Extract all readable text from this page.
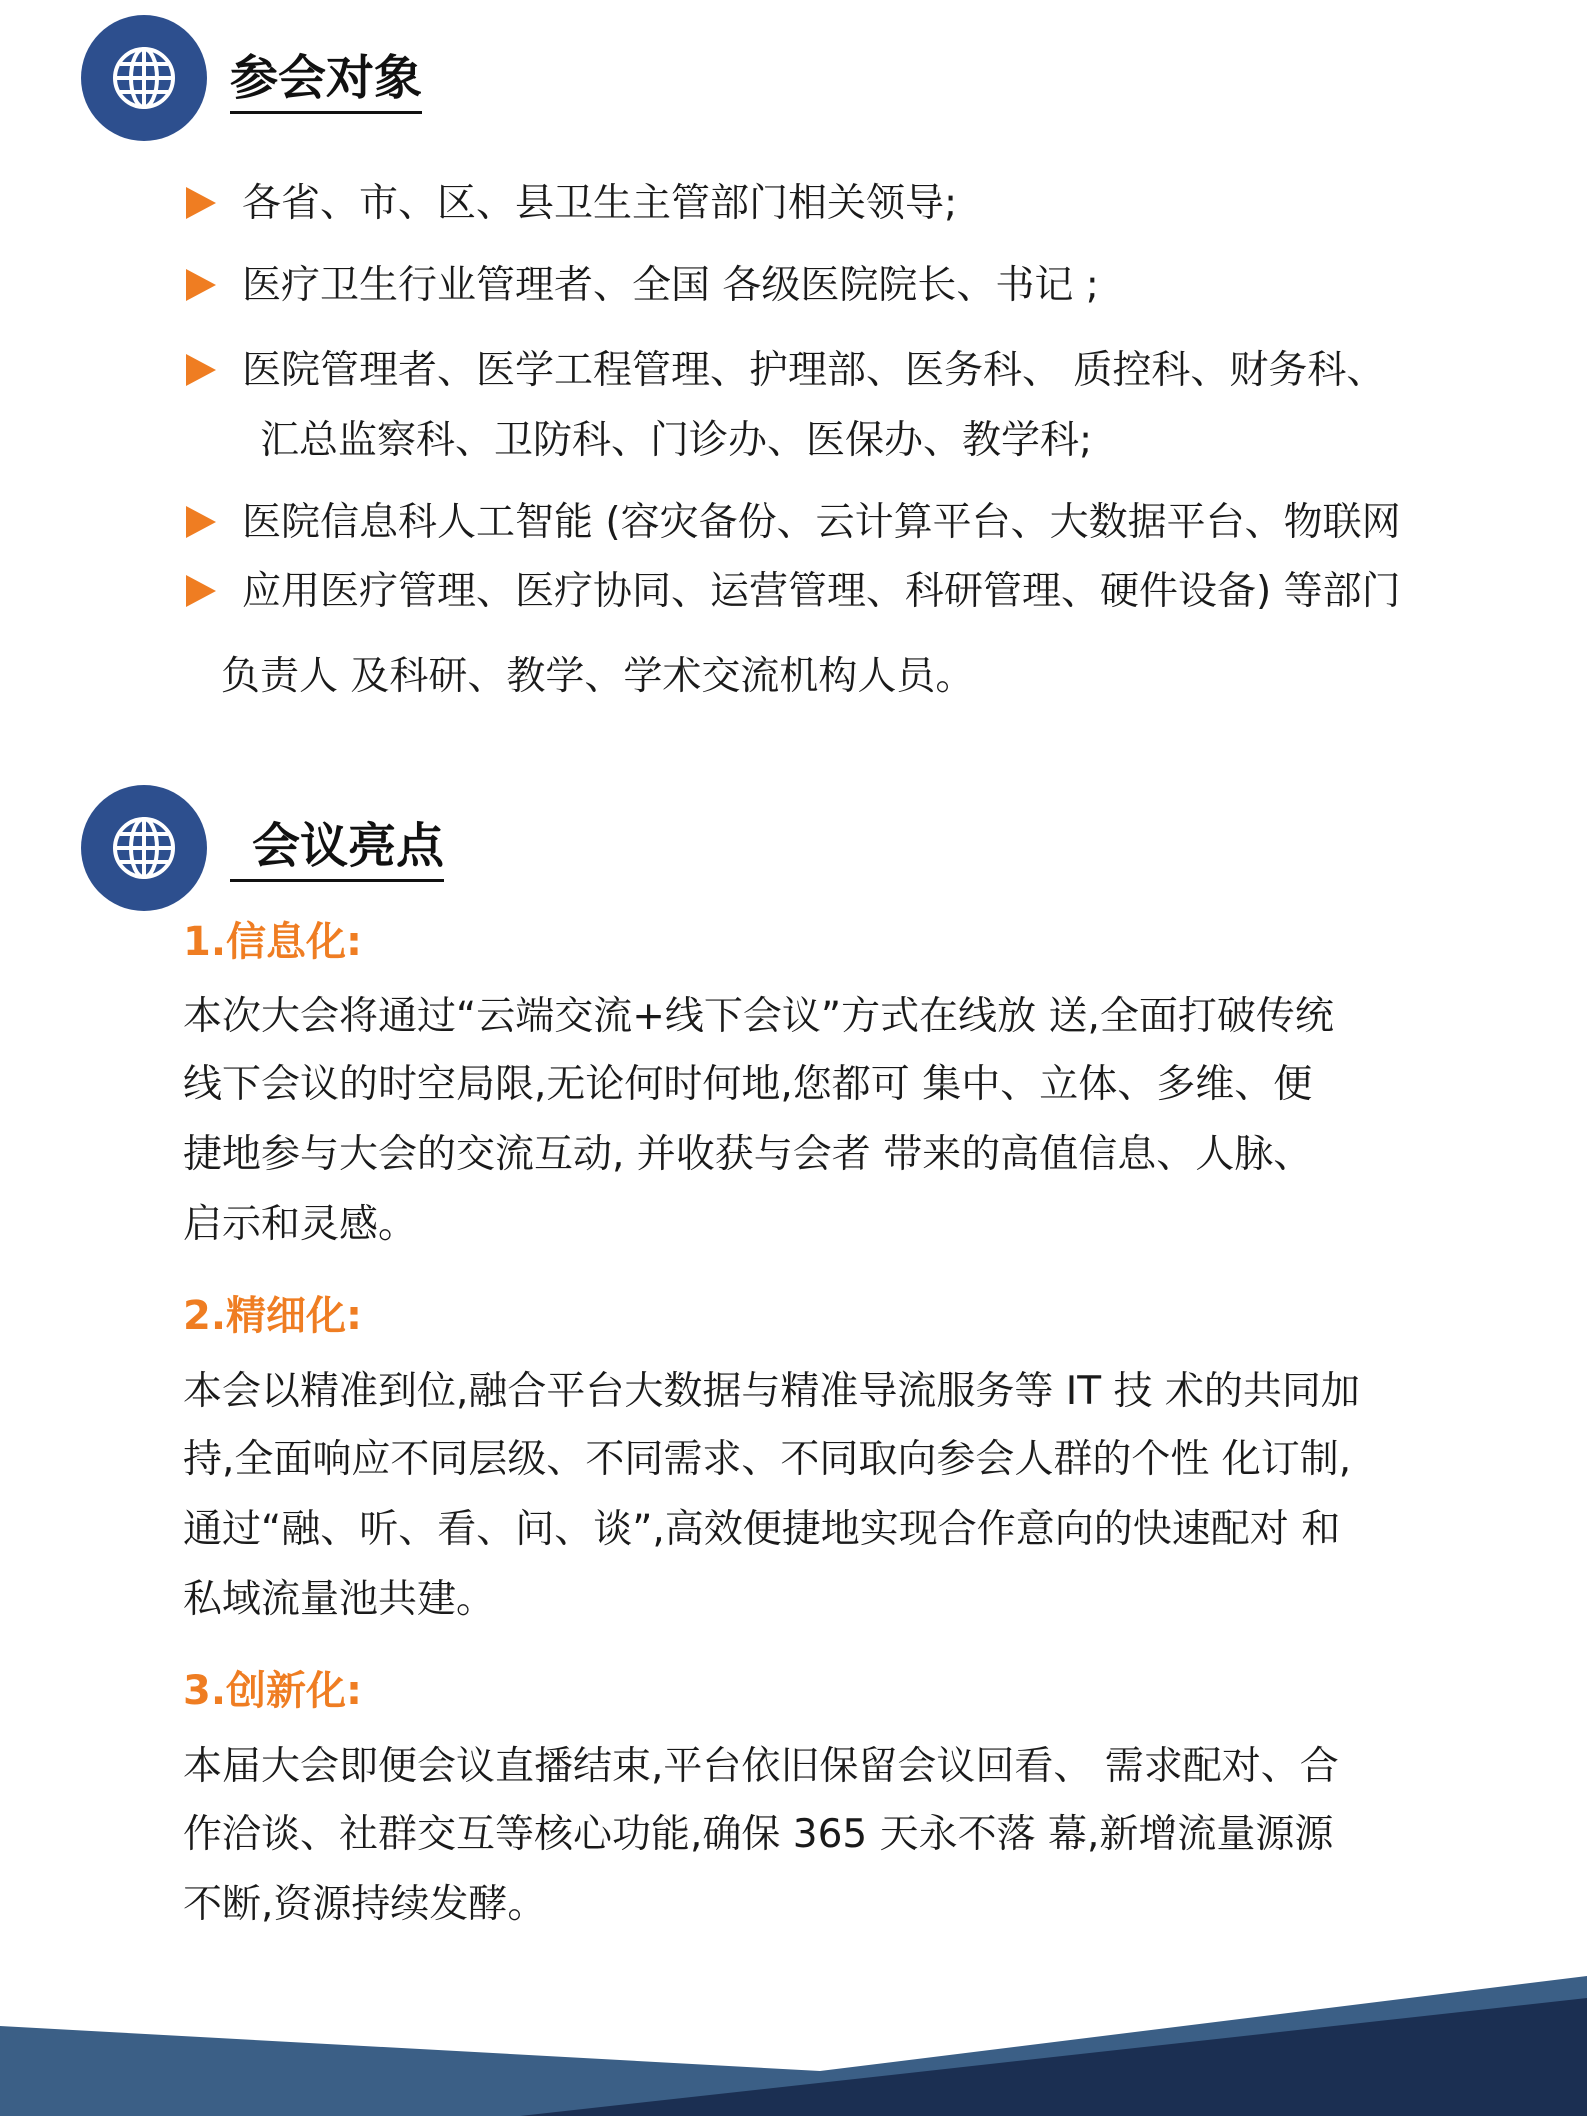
参会对象
各省、市、区、县卫生主管部门相关领导;
医疗卫生行业管理者、全国 各级医院院长、书记 ;
医院管理者、医学工程管理、护理部、医务科、 质控科、财务科、
汇总监察科、卫防科、门诊办、医保办、教学科;
医院信息科人工智能 (容灾备份、云计算平台、大数据平台、物联网
应用医疗管理、医疗协同、运营管理、科研管理、硬件设备) 等部门
负责人 及科研、教学、学术交流机构人员。
会议亮点
1.信息化:
本次大会将通过“云端交流+线下会议”方式在线放 送,全面打破传统
线下会议的时空局限,无论何时何地,您都可 集中、立体、多维、便
捷地参与大会的交流互动, 并收获与会者 带来的高值信息、人脉、
启示和灵感。
2.精细化:
本会以精准到位,融合平台大数据与精准导流服务等 IT 技 术的共同加
持,全面响应不同层级、不同需求、不同取向参会人群的个性 化订制,
通过“融、听、看、问、谈”,高效便捷地实现合作意向的快速配对 和
私域流量池共建。
3.创新化:
本届大会即便会议直播结束,平台依旧保留会议回看、 需求配对、合
作洽谈、社群交互等核心功能,确保 365 天永不落 幕,新增流量源源
不断,资源持续发酵。
